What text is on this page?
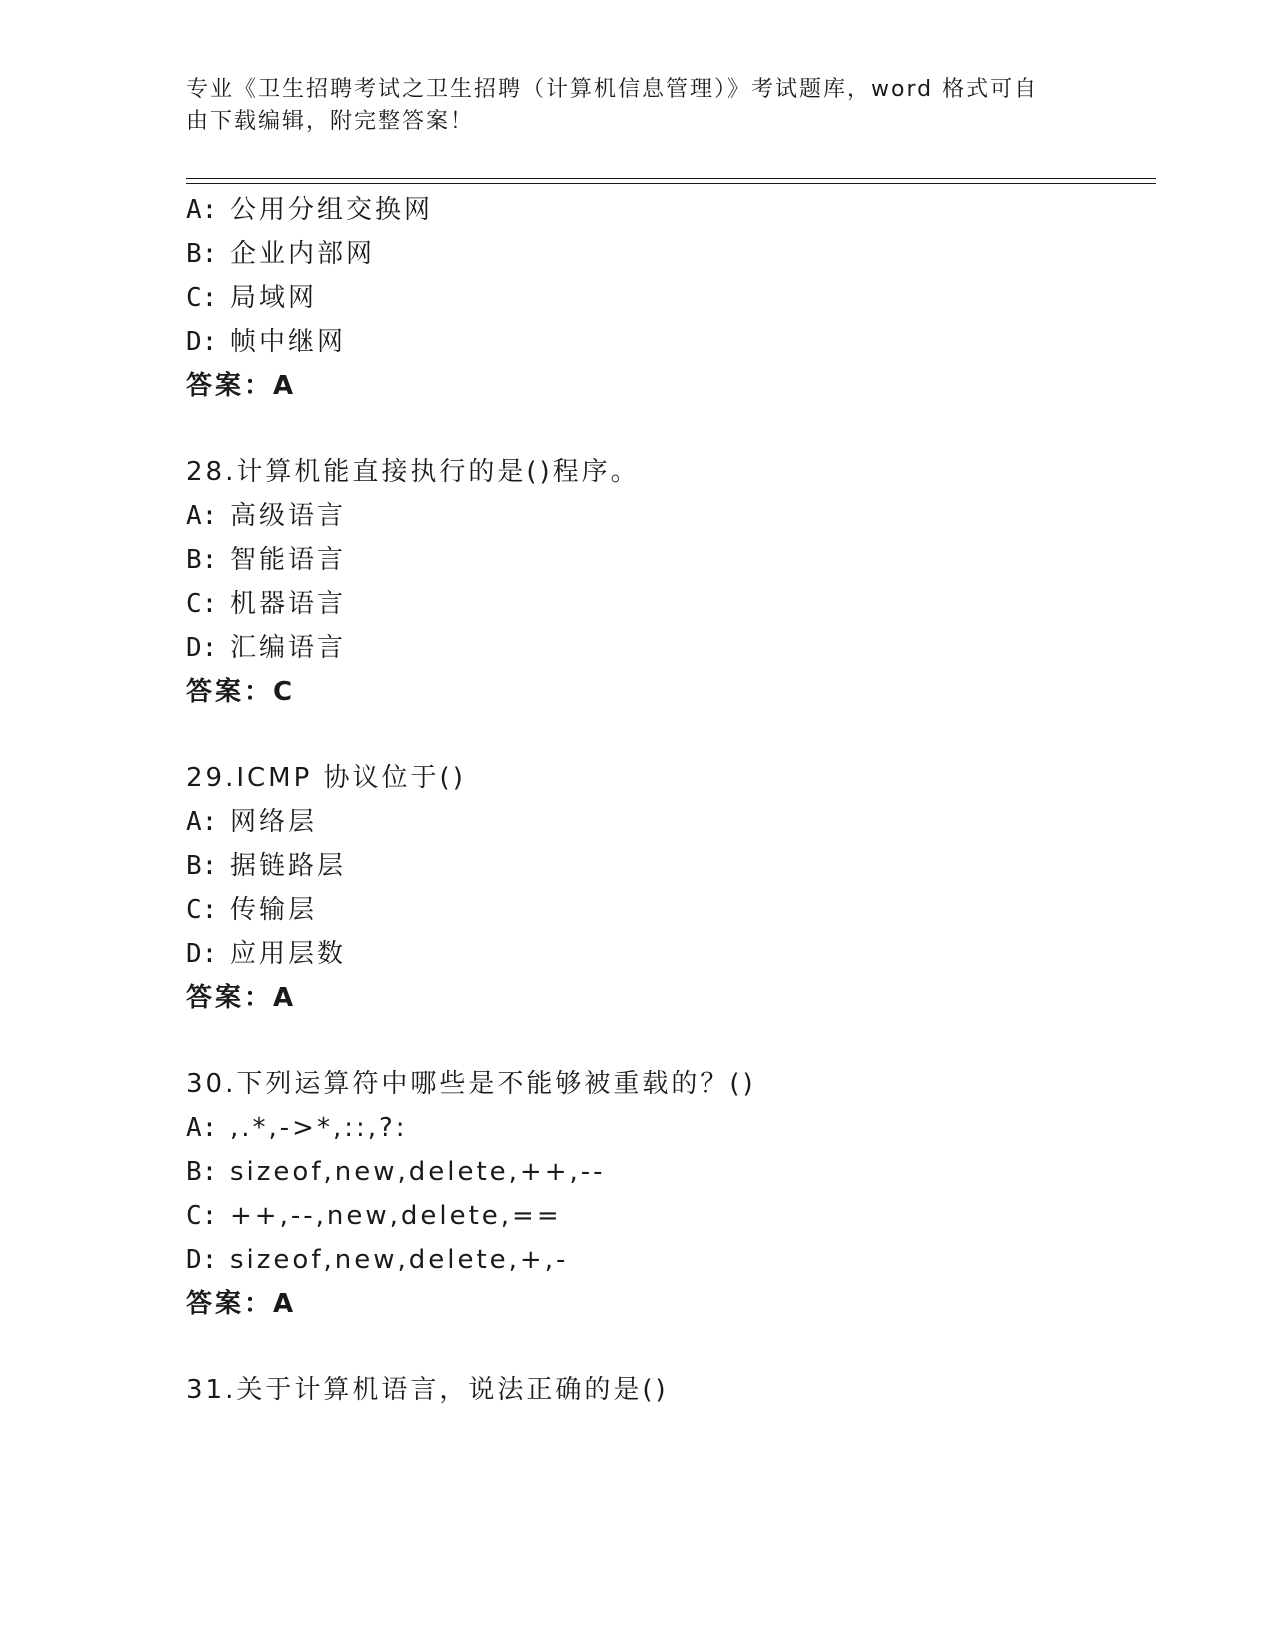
专业《卫生招聘考试之卫生招聘（计算机信息管理）》考试题库，word 格式可自
由下载编辑，附完整答案！
A: 公用分组交换网
B: 企业内部网
C: 局域网
D: 帧中继网
答案：A
28.计算机能直接执行的是()程序。
A: 高级语言
B: 智能语言
C: 机器语言
D: 汇编语言
答案：C
29.ICMP 协议位于()
A: 网络层
B: 据链路层
C: 传输层
D: 应用层数
答案：A
30.下列运算符中哪些是不能够被重载的？()
A: ,.*,->*,::,?:
B: sizeof,new,delete,++,--
C: ++,--,new,delete,==
D: sizeof,new,delete,+,-
答案：A
31.关于计算机语言，说法正确的是()
